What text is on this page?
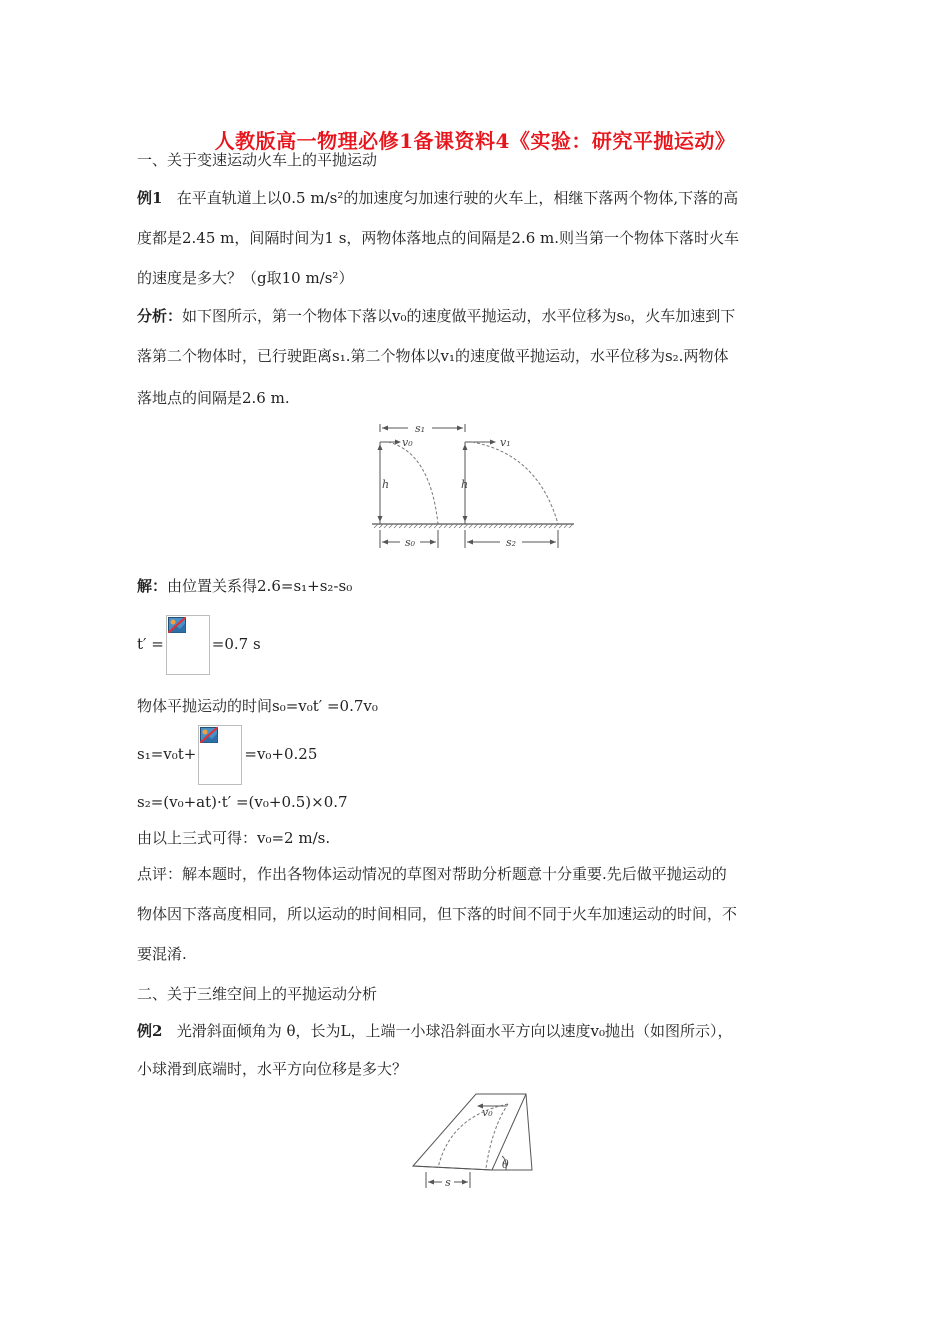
人教版高一物理必修1备课资料4《实验：研究平抛运动》
一、关于变速运动火车上的平抛运动
例1 在平直轨道上以0.5 m/s²的加速度匀加速行驶的火车上，相继下落两个物体,下落的高
度都是2.45 m，间隔时间为1 s，两物体落地点的间隔是2.6 m.则当第一个物体下落时火车
的速度是多大？（g取10 m/s²）
分析：如下图所示，第一个物体下落以v₀的速度做平抛运动，水平位移为s₀，火车加速到下
落第二个物体时，已行驶距离s₁.第二个物体以v₁的速度做平抛运动，水平位移为s₂.两物体
落地点的间隔是2.6 m.
s₁
v₀
h
v₁
h
s₀	s₂
解：由位置关系得2.6=s₁+s₂-s₀
t′ =	=0.7 s
物体平抛运动的时间s₀=v₀t′ =0.7v₀
s₁=v₀t+	=v₀+0.25
s₂=(v₀+at)·t′ =(v₀+0.5)×0.7
由以上三式可得：v₀=2 m/s.
点评：解本题时，作出各物体运动情况的草图对帮助分析题意十分重要.先后做平抛运动的
物体因下落高度相同，所以运动的时间相同，但下落的时间不同于火车加速运动的时间，不
要混淆.
二、关于三维空间上的平抛运动分析
例2 光滑斜面倾角为 θ，长为L，上端一小球沿斜面水平方向以速度v₀抛出（如图所示），
小球滑到底端时，水平方向位移是多大？
v₀
θ
s
